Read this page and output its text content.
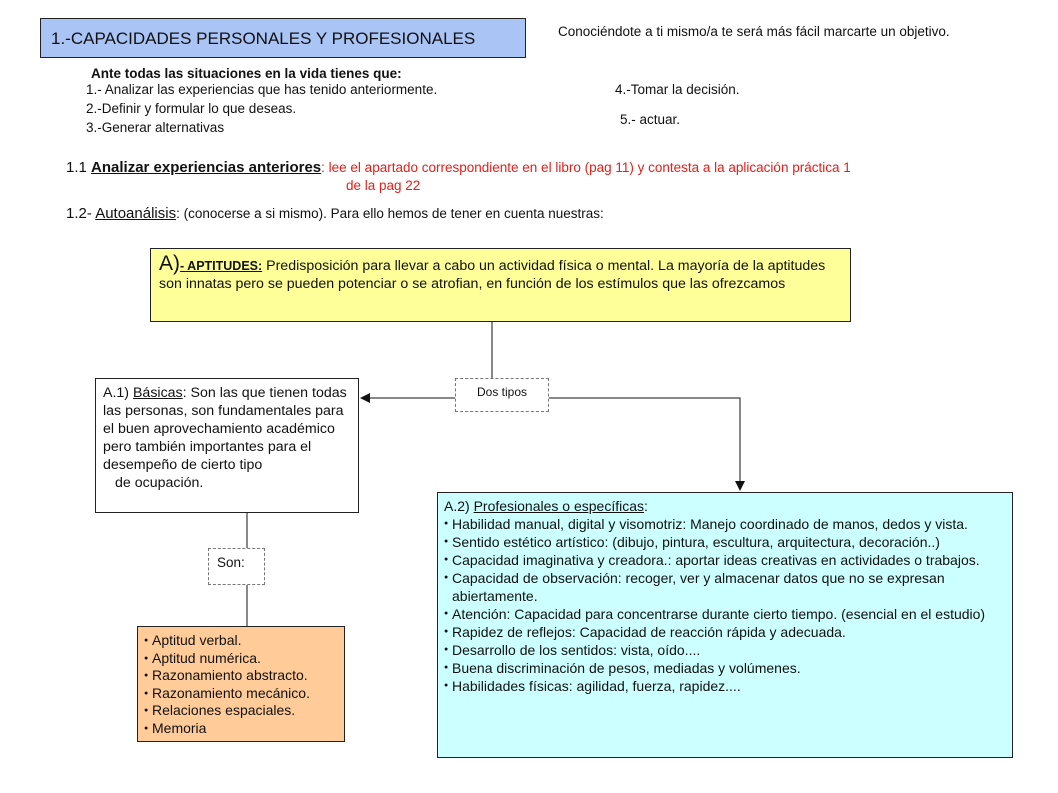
1.-CAPACIDADES PERSONALES Y PROFESIONALES	Conociéndote a ti mismo/a te será más fácil marcarte un objetivo.
Ante todas las situaciones en la vida tienes que:
1.- Analizar las experiencias que has tenido anteriormente.
2.-Definir y formular lo que deseas.
3.-Generar alternativas
4.-Tomar la decisión.
5.- actuar.
1.1 Analizar experiencias anteriores: lee el apartado correspondiente en el libro (pag 11) y contesta a la aplicación práctica 1
de la pag 22
1.2- Autoanálisis: (conocerse a si mismo). Para ello hemos de tener en cuenta nuestras:
A)- APTITUDES: Predisposición para llevar a cabo un actividad física o mental. La mayoría de la aptitudes son innatas pero se pueden potenciar o se atrofian, en función de los estímulos que las ofrezcamos
Dos tipos
A.1) Básicas: Son las que tienen todas las personas, son fundamentales para el buen aprovechamiento académico pero también importantes para el desempeño de cierto tipo
de ocupación.
Son:
● Aptitud verbal.
● Aptitud numérica.
● Razonamiento abstracto.
● Razonamiento mecánico.
● Relaciones espaciales.
● Memoria
A.2) Profesionales o específicas:
● Habilidad manual, digital y visomotriz: Manejo coordinado de manos, dedos y vista.
● Sentido estético artístico: (dibujo, pintura, escultura, arquitectura, decoración..)
● Capacidad imaginativa y creadora.: aportar ideas creativas en actividades o trabajos.
● Capacidad de observación: recoger, ver y almacenar datos que no se expresan abiertamente.
● Atención: Capacidad para concentrarse durante cierto tiempo. (esencial en el estudio)
● Rapidez de reflejos: Capacidad de reacción rápida y adecuada.
● Desarrollo de los sentidos: vista, oído....
● Buena discriminación de pesos, mediadas y volúmenes.
● Habilidades físicas: agilidad, fuerza, rapidez....
